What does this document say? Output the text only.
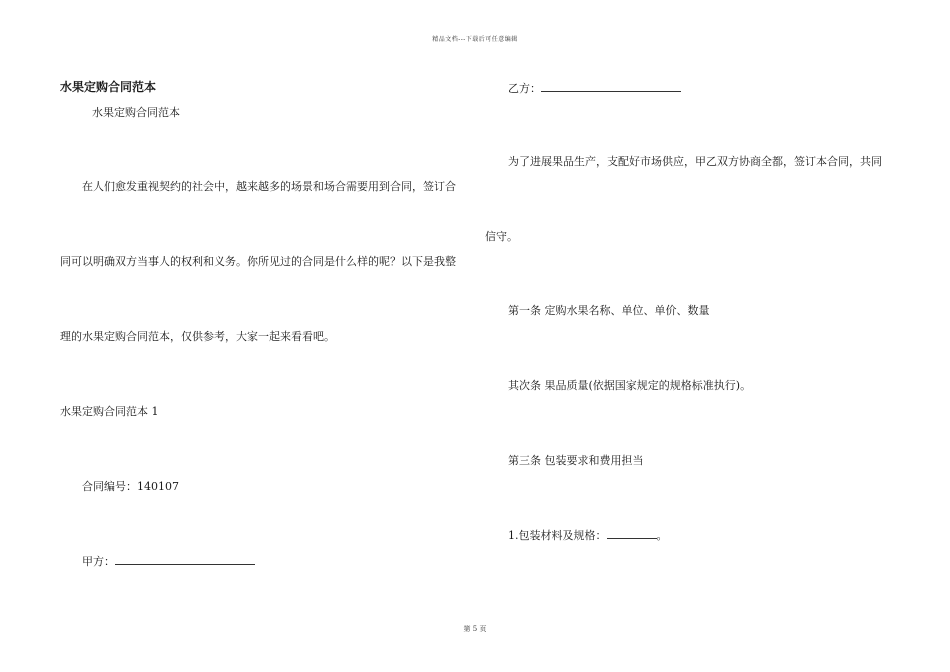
精品文档---下载后可任意编辑
水果定购合同范本
水果定购合同范本
在人们愈发重视契约的社会中，越来越多的场景和场合需要用到合同，签订合
同可以明确双方当事人的权利和义务。你所见过的合同是什么样的呢？以下是我整
理的水果定购合同范本，仅供参考，大家一起来看看吧。
水果定购合同范本 1
合同编号：140107
甲方：
乙方：
为了进展果品生产，支配好市场供应，甲乙双方协商全都，签订本合同，共同
信守。
第一条 定购水果名称、单位、单价、数量
其次条 果品质量(依据国家规定的规格标准执行)。
第三条 包装要求和费用担当
1.包装材料及规格：	。
第 5 页
